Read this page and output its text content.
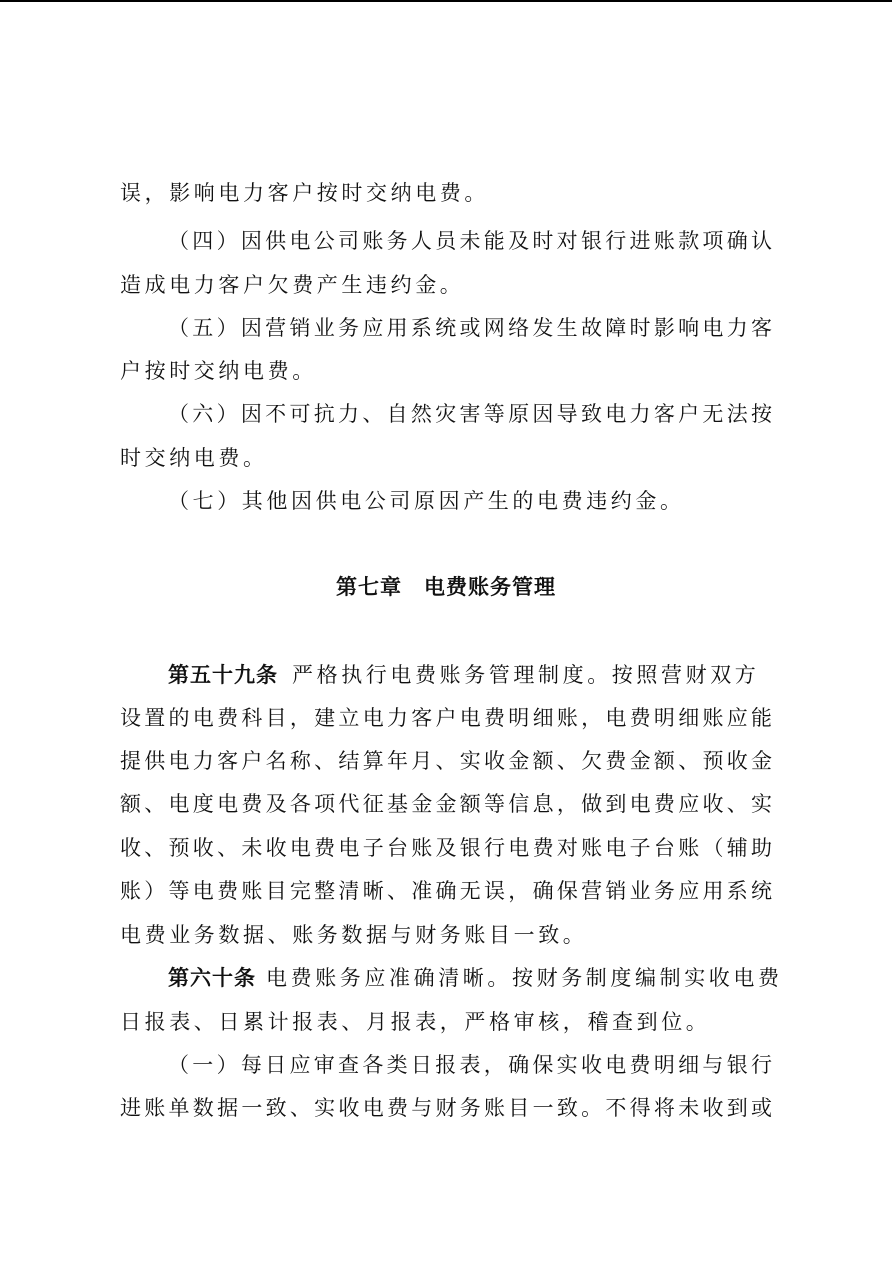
误，影响电力客户按时交纳电费。
（四）因供电公司账务人员未能及时对银行进账款项确认
造成电力客户欠费产生违约金。
（五）因营销业务应用系统或网络发生故障时影响电力客
户按时交纳电费。
（六）因不可抗力、自然灾害等原因导致电力客户无法按
时交纳电费。
（七）其他因供电公司原因产生的电费违约金。
第七章 电费账务管理
第五十九条 严格执行电费账务管理制度。按照营财双方
设置的电费科目，建立电力客户电费明细账，电费明细账应能
提供电力客户名称、结算年月、实收金额、欠费金额、预收金
额、电度电费及各项代征基金金额等信息，做到电费应收、实
收、预收、未收电费电子台账及银行电费对账电子台账（辅助
账）等电费账目完整清晰、准确无误，确保营销业务应用系统
电费业务数据、账务数据与财务账目一致。
第六十条 电费账务应准确清晰。按财务制度编制实收电费
日报表、日累计报表、月报表，严格审核，稽查到位。
（一）每日应审查各类日报表，确保实收电费明细与银行
进账单数据一致、实收电费与财务账目一致。不得将未收到或
